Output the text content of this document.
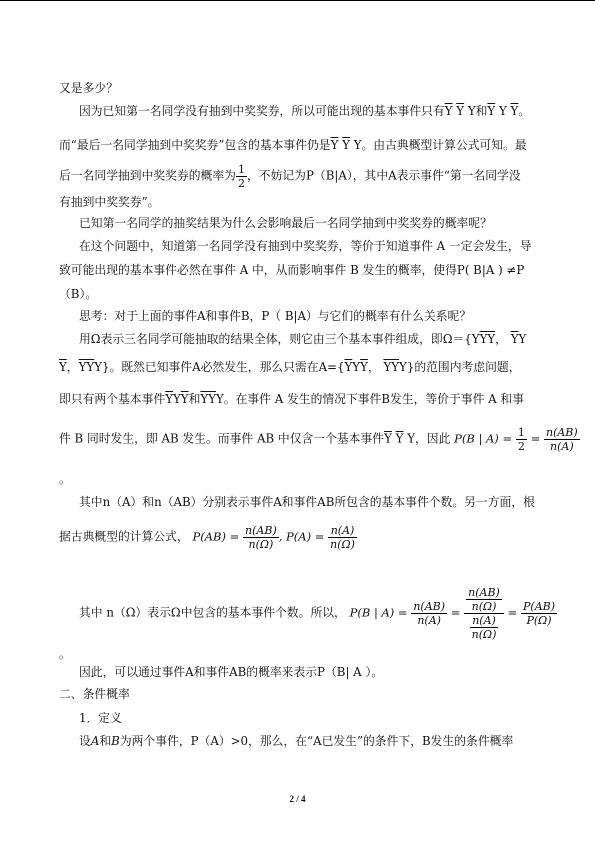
又是多少？
因为已知第一名同学没有抽到中奖奖券，所以可能出现的基本事件只有$\overline{Y}$ $\overline{Y}$ Y和$\overline{Y}$ Y $\overline{Y}$。
而“最后一名同学抽到中奖奖券”包含的基本事件仍是$\overline{Y}$ $\overline{Y}$ Y。由古典概型计算公式可知。最
后一名同学抽到中奖奖券的概率为 $\frac{1}{2}$ ，不妨记为P（B|A），其中A表示事件“第一名同学没
有抽到中奖奖券”。
已知第一名同学的抽奖结果为什么会影响最后一名同学抽到中奖奖券的概率呢？
在这个问题中，知道第一名同学没有抽到中奖奖券，等价于知道事件 A 一定会发生，导
致可能出现的基本事件必然在事件 A 中，从而影响事件 B 发生的概率，使得P( B|A ) ≠P
（B）。
思考：对于上面的事件A和事件B，P（ B|A）与它们的概率有什么关系呢？
用Ω表示三名同学可能抽取的结果全体，则它由三个基本事件组成，即$\Omega=\{Y\overline{Y}\overline{Y}$， $\overline{Y}Y$
$\overline{Y}$，$\overline{Y}\overline{Y}Y$}。既然已知事件A必然发生，那么只需在$A=\{\overline{Y}Y\overline{Y}$， $\overline{Y}\overline{Y}Y$}的范围内考虑问题，
即只有两个基本事件$\overline{Y}Y\overline{Y}$和$\overline{Y}\overline{Y}Y$。在事件 A 发生的情况下事件B发生，等价于事件 A 和事
件 B 同时发生，即 AB 发生。而事件 AB 中仅含一个基本事件$\overline{Y}$ $\overline{Y}$ Y，因此 P(B | $A) = \frac{1}{2} = \frac{n(AB)}{n(A)}$
。
其中n（A）和n（AB）分别表示事件A和事件AB所包含的基本事件个数。另一方面，根
据古典概型的计算公式， $P(AB) = \frac{n(AB)}{n(\Omega)}$ , $P(A) = \frac{n(A)}{n(\Omega)}$
其中 n（Ω）表示Ω中包含的基本事件个数。所以， P(B | $A) = \frac{n(AB)}{n(A)} = \frac{\frac{n(AB)}{n(\Omega)}}{\frac{n(A)}{n(\Omega)}} = \frac{P(AB)}{P(\Omega)}$
。
因此，可以通过事件A和事件AB的概率来表示P（B| A ）。
二、条件概率
1．定义
设A和B为两个事件，P（A）>0，那么，在“A已发生”的条件下，B发生的条件概率
2 / 4
